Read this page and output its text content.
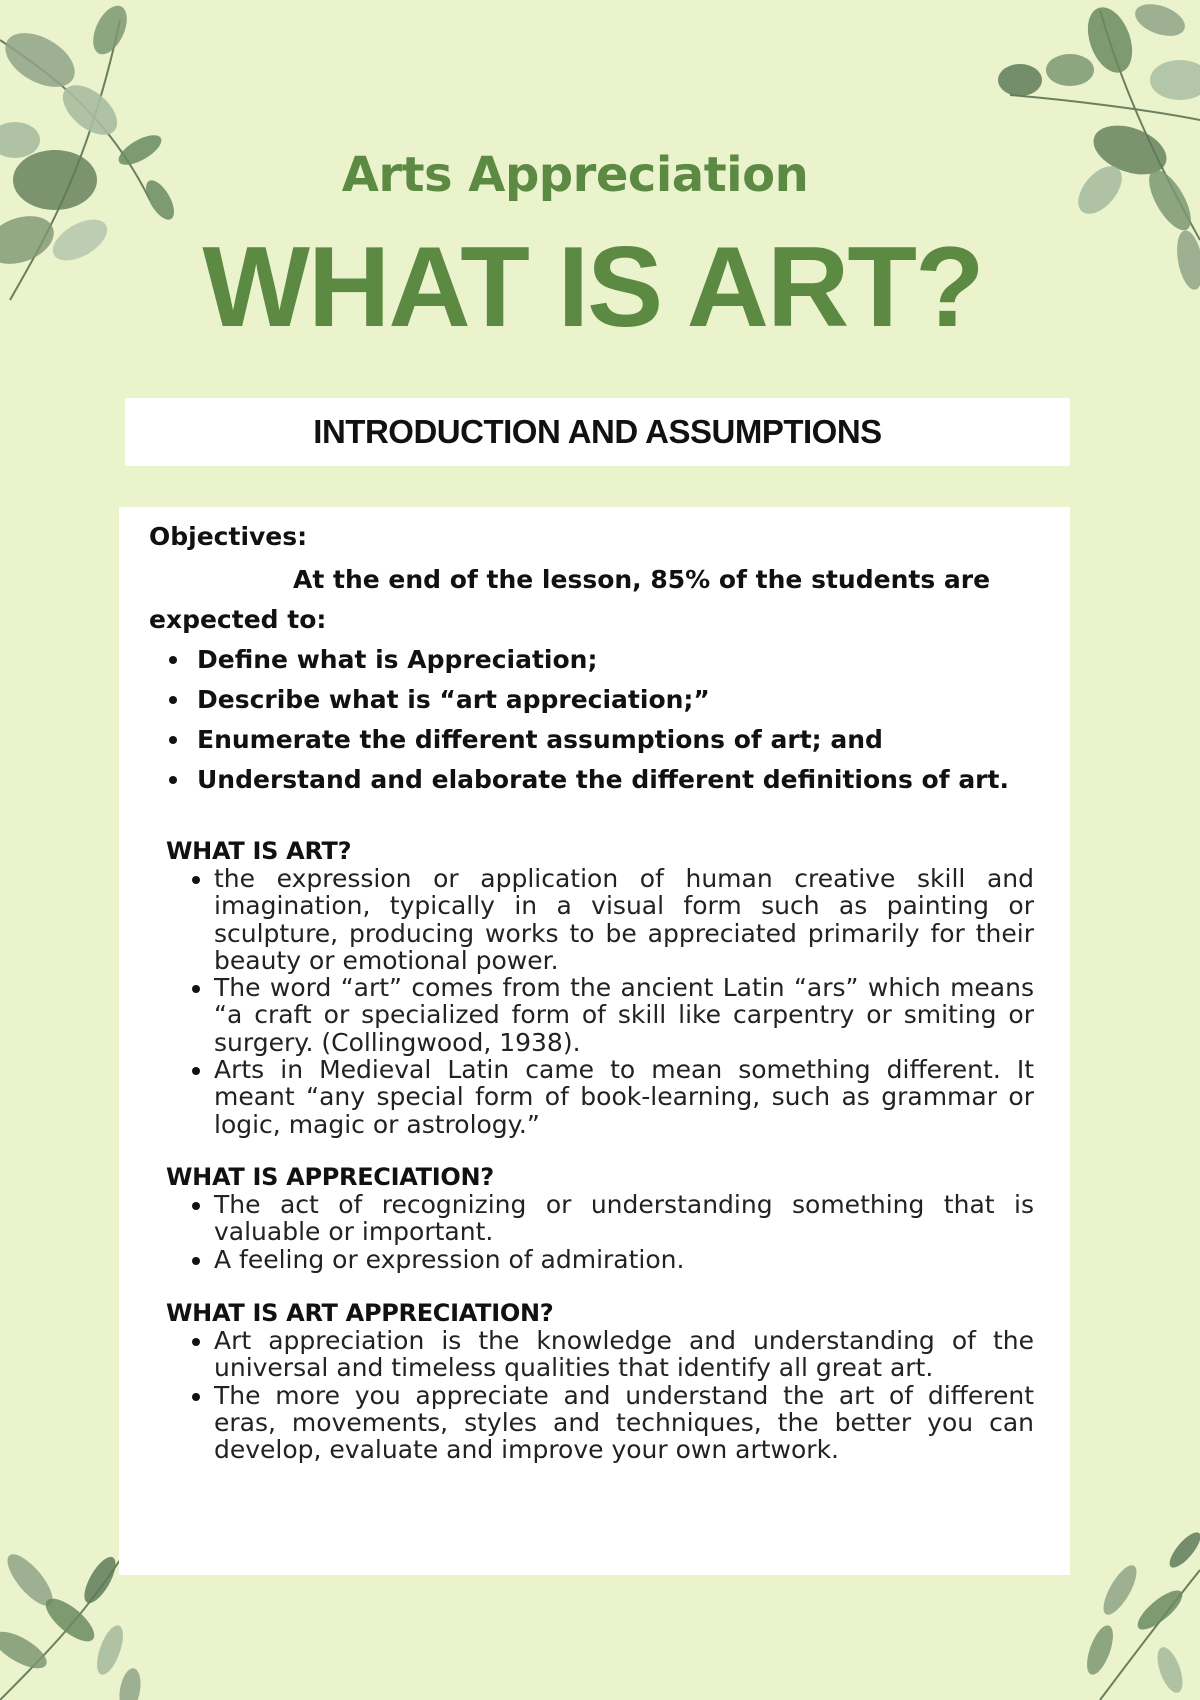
Arts Appreciation
WHAT IS ART?
INTRODUCTION AND ASSUMPTIONS
Objectives:
At the end of the lesson, 85% of the students are expected to:
Define what is Appreciation;
Describe what is “art appreciation;”
Enumerate the different assumptions of art; and
Understand and elaborate the different definitions of art.
WHAT IS ART?
the expression or application of human creative skill and imagination, typically in a visual form such as painting or sculpture, producing works to be appreciated primarily for their beauty or emotional power.
The word “art” comes from the ancient Latin “ars” which means “a craft or specialized form of skill like carpentry or smiting or surgery. (Collingwood, 1938).
Arts in Medieval Latin came to mean something different. It meant “any special form of book-learning, such as grammar or logic, magic or astrology.”
WHAT IS APPRECIATION?
The act of recognizing or understanding something that is valuable or important.
A feeling or expression of admiration.
WHAT IS ART APPRECIATION?
Art appreciation is the knowledge and understanding of the universal and timeless qualities that identify all great art.
The more you appreciate and understand the art of different eras, movements, styles and techniques, the better you can develop, evaluate and improve your own artwork.
